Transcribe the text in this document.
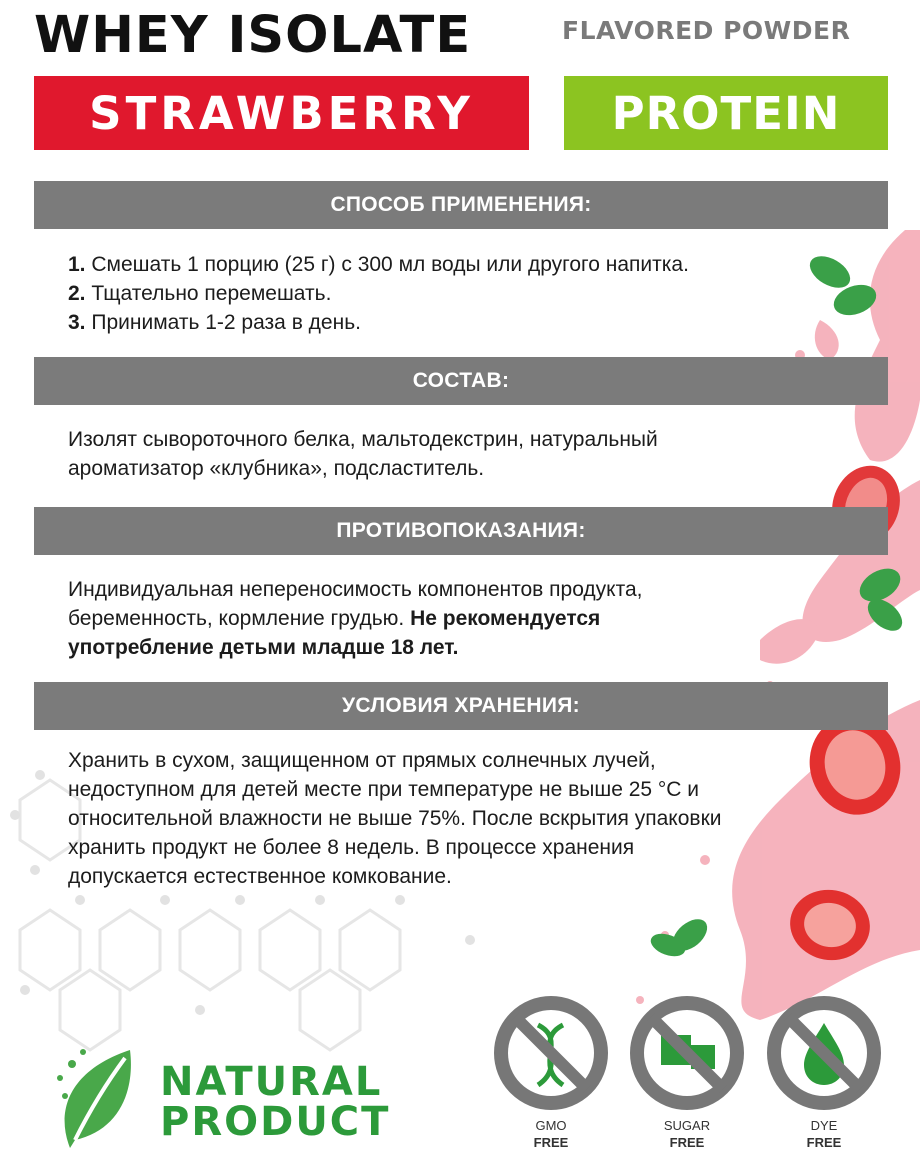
WHEY ISOLATE	FLAVORED POWDER
STRAWBERRY	PROTEIN
СПОСОБ ПРИМЕНЕНИЯ:
1. Смешать 1 порцию (25 г) с 300 мл воды или другого напитка.
2. Тщательно перемешать.
3. Принимать 1-2 раза в день.
СОСТАВ:
Изолят сывороточного белка, мальтодекстрин, натуральный ароматизатор «клубника», подсластитель.
ПРОТИВОПОКАЗАНИЯ:
Индивидуальная непереносимость компонентов продукта, беременность, кормление грудью. Не рекомендуется употребление детьми младше 18 лет.
УСЛОВИЯ ХРАНЕНИЯ:
Хранить в сухом, защищенном от прямых солнечных лучей, недоступном для детей месте при температуре не выше 25 °C и относительной влажности не выше 75%. После вскрытия упаковки хранить продукт не более 8 недель. В процессе хранения допускается естественное комкование.
NATURAL
PRODUCT	GMO
FREE
SUGAR
FREE
DYE
FREE
